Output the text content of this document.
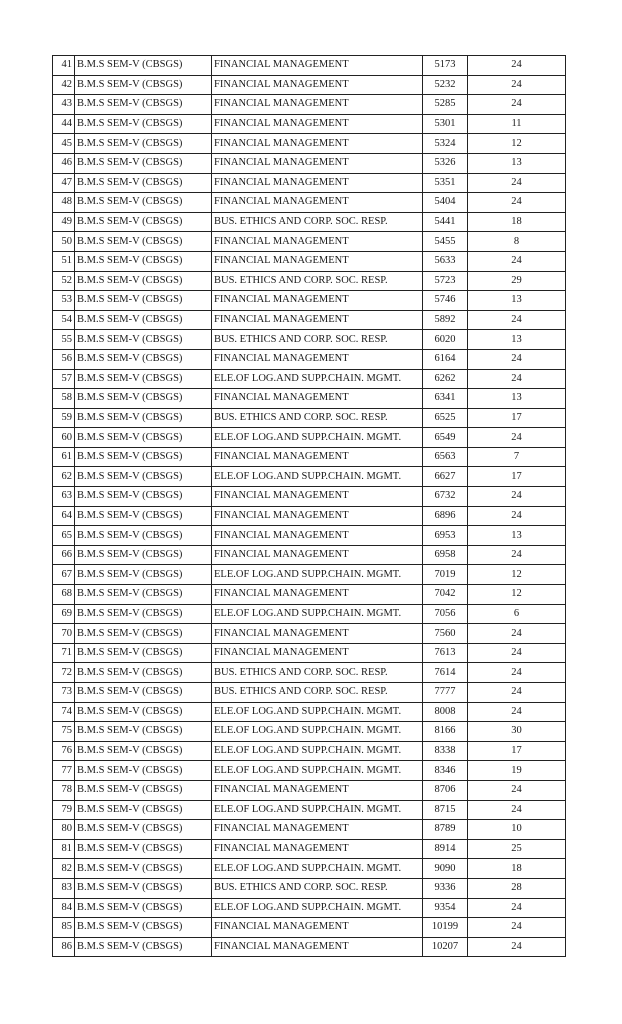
41	B.M.S SEM-V (CBSGS)	FINANCIAL MANAGEMENT	5173	24
42	B.M.S SEM-V (CBSGS)	FINANCIAL MANAGEMENT	5232	24
43	B.M.S SEM-V (CBSGS)	FINANCIAL MANAGEMENT	5285	24
44	B.M.S SEM-V (CBSGS)	FINANCIAL MANAGEMENT	5301	11
45	B.M.S SEM-V (CBSGS)	FINANCIAL MANAGEMENT	5324	12
46	B.M.S SEM-V (CBSGS)	FINANCIAL MANAGEMENT	5326	13
47	B.M.S SEM-V (CBSGS)	FINANCIAL MANAGEMENT	5351	24
48	B.M.S SEM-V (CBSGS)	FINANCIAL MANAGEMENT	5404	24
49	B.M.S SEM-V (CBSGS)	BUS. ETHICS AND CORP. SOC. RESP.	5441	18
50	B.M.S SEM-V (CBSGS)	FINANCIAL MANAGEMENT	5455	8
51	B.M.S SEM-V (CBSGS)	FINANCIAL MANAGEMENT	5633	24
52	B.M.S SEM-V (CBSGS)	BUS. ETHICS AND CORP. SOC. RESP.	5723	29
53	B.M.S SEM-V (CBSGS)	FINANCIAL MANAGEMENT	5746	13
54	B.M.S SEM-V (CBSGS)	FINANCIAL MANAGEMENT	5892	24
55	B.M.S SEM-V (CBSGS)	BUS. ETHICS AND CORP. SOC. RESP.	6020	13
56	B.M.S SEM-V (CBSGS)	FINANCIAL MANAGEMENT	6164	24
57	B.M.S SEM-V (CBSGS)	ELE.OF LOG.AND SUPP.CHAIN. MGMT.	6262	24
58	B.M.S SEM-V (CBSGS)	FINANCIAL MANAGEMENT	6341	13
59	B.M.S SEM-V (CBSGS)	BUS. ETHICS AND CORP. SOC. RESP.	6525	17
60	B.M.S SEM-V (CBSGS)	ELE.OF LOG.AND SUPP.CHAIN. MGMT.	6549	24
61	B.M.S SEM-V (CBSGS)	FINANCIAL MANAGEMENT	6563	7
62	B.M.S SEM-V (CBSGS)	ELE.OF LOG.AND SUPP.CHAIN. MGMT.	6627	17
63	B.M.S SEM-V (CBSGS)	FINANCIAL MANAGEMENT	6732	24
64	B.M.S SEM-V (CBSGS)	FINANCIAL MANAGEMENT	6896	24
65	B.M.S SEM-V (CBSGS)	FINANCIAL MANAGEMENT	6953	13
66	B.M.S SEM-V (CBSGS)	FINANCIAL MANAGEMENT	6958	24
67	B.M.S SEM-V (CBSGS)	ELE.OF LOG.AND SUPP.CHAIN. MGMT.	7019	12
68	B.M.S SEM-V (CBSGS)	FINANCIAL MANAGEMENT	7042	12
69	B.M.S SEM-V (CBSGS)	ELE.OF LOG.AND SUPP.CHAIN. MGMT.	7056	6
70	B.M.S SEM-V (CBSGS)	FINANCIAL MANAGEMENT	7560	24
71	B.M.S SEM-V (CBSGS)	FINANCIAL MANAGEMENT	7613	24
72	B.M.S SEM-V (CBSGS)	BUS. ETHICS AND CORP. SOC. RESP.	7614	24
73	B.M.S SEM-V (CBSGS)	BUS. ETHICS AND CORP. SOC. RESP.	7777	24
74	B.M.S SEM-V (CBSGS)	ELE.OF LOG.AND SUPP.CHAIN. MGMT.	8008	24
75	B.M.S SEM-V (CBSGS)	ELE.OF LOG.AND SUPP.CHAIN. MGMT.	8166	30
76	B.M.S SEM-V (CBSGS)	ELE.OF LOG.AND SUPP.CHAIN. MGMT.	8338	17
77	B.M.S SEM-V (CBSGS)	ELE.OF LOG.AND SUPP.CHAIN. MGMT.	8346	19
78	B.M.S SEM-V (CBSGS)	FINANCIAL MANAGEMENT	8706	24
79	B.M.S SEM-V (CBSGS)	ELE.OF LOG.AND SUPP.CHAIN. MGMT.	8715	24
80	B.M.S SEM-V (CBSGS)	FINANCIAL MANAGEMENT	8789	10
81	B.M.S SEM-V (CBSGS)	FINANCIAL MANAGEMENT	8914	25
82	B.M.S SEM-V (CBSGS)	ELE.OF LOG.AND SUPP.CHAIN. MGMT.	9090	18
83	B.M.S SEM-V (CBSGS)	BUS. ETHICS AND CORP. SOC. RESP.	9336	28
84	B.M.S SEM-V (CBSGS)	ELE.OF LOG.AND SUPP.CHAIN. MGMT.	9354	24
85	B.M.S SEM-V (CBSGS)	FINANCIAL MANAGEMENT	10199	24
86	B.M.S SEM-V (CBSGS)	FINANCIAL MANAGEMENT	10207	24
